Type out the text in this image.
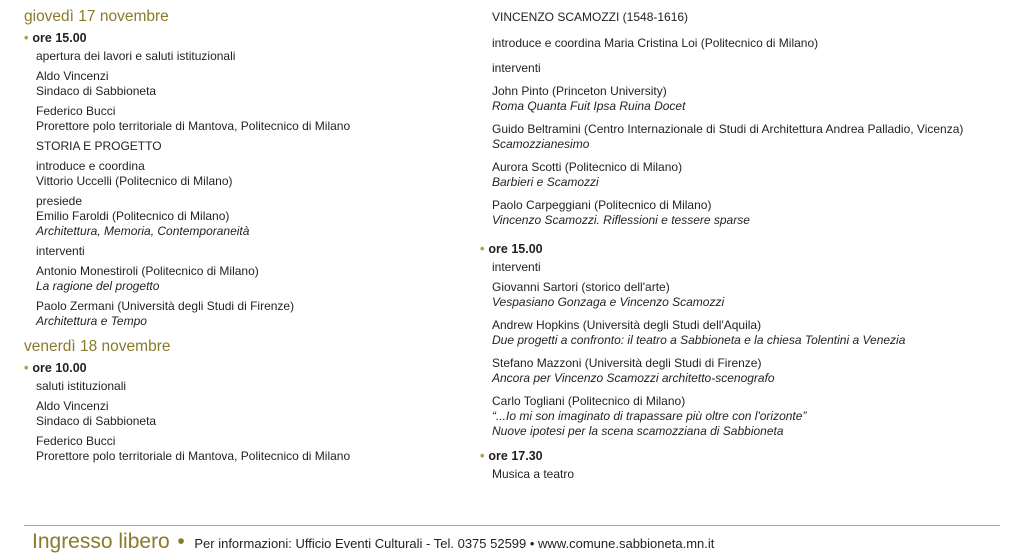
giovedì 17 novembre
• ore 15.00
apertura dei lavori e saluti istituzionali
Aldo Vincenzi
Sindaco di Sabbioneta
Federico Bucci
Prorettore polo territoriale di Mantova, Politecnico di Milano
STORIA E PROGETTO
introduce e coordina
Vittorio Uccelli (Politecnico di Milano)
presiede
Emilio Faroldi (Politecnico di Milano)
Architettura, Memoria, Contemporaneità
interventi
Antonio Monestiroli (Politecnico di Milano)
La ragione del progetto
Paolo Zermani (Università degli Studi di Firenze)
Architettura e Tempo
venerdì 18 novembre
• ore 10.00
saluti istituzionali
Aldo Vincenzi
Sindaco di Sabbioneta
Federico Bucci
Prorettore polo territoriale di Mantova, Politecnico di Milano
VINCENZO SCAMOZZI (1548-1616)
introduce e coordina Maria Cristina Loi (Politecnico di Milano)
interventi
John Pinto (Princeton University)
Roma Quanta Fuit Ipsa Ruina Docet
Guido Beltramini (Centro Internazionale di Studi di Architettura Andrea Palladio, Vicenza)
Scamozzianesimo
Aurora Scotti (Politecnico di Milano)
Barbieri e Scamozzi
Paolo Carpeggiani (Politecnico di Milano)
Vincenzo Scamozzi. Riflessioni e tessere sparse
• ore 15.00
interventi
Giovanni Sartori (storico dell'arte)
Vespasiano Gonzaga e Vincenzo Scamozzi
Andrew Hopkins (Università degli Studi dell'Aquila)
Due progetti a confronto: il teatro a Sabbioneta e la chiesa Tolentini a Venezia
Stefano Mazzoni (Università degli Studi di Firenze)
Ancora per Vincenzo Scamozzi architetto-scenografo
Carlo Togliani (Politecnico di Milano)
“...Io mi son imaginato di trapassare più oltre con l'orizonte”
Nuove ipotesi per la scena scamozziana di Sabbioneta
• ore 17.30
Musica a teatro
Ingresso libero • Per informazioni: Ufficio Eventi Culturali - Tel. 0375 52599 • www.comune.sabbioneta.mn.it
